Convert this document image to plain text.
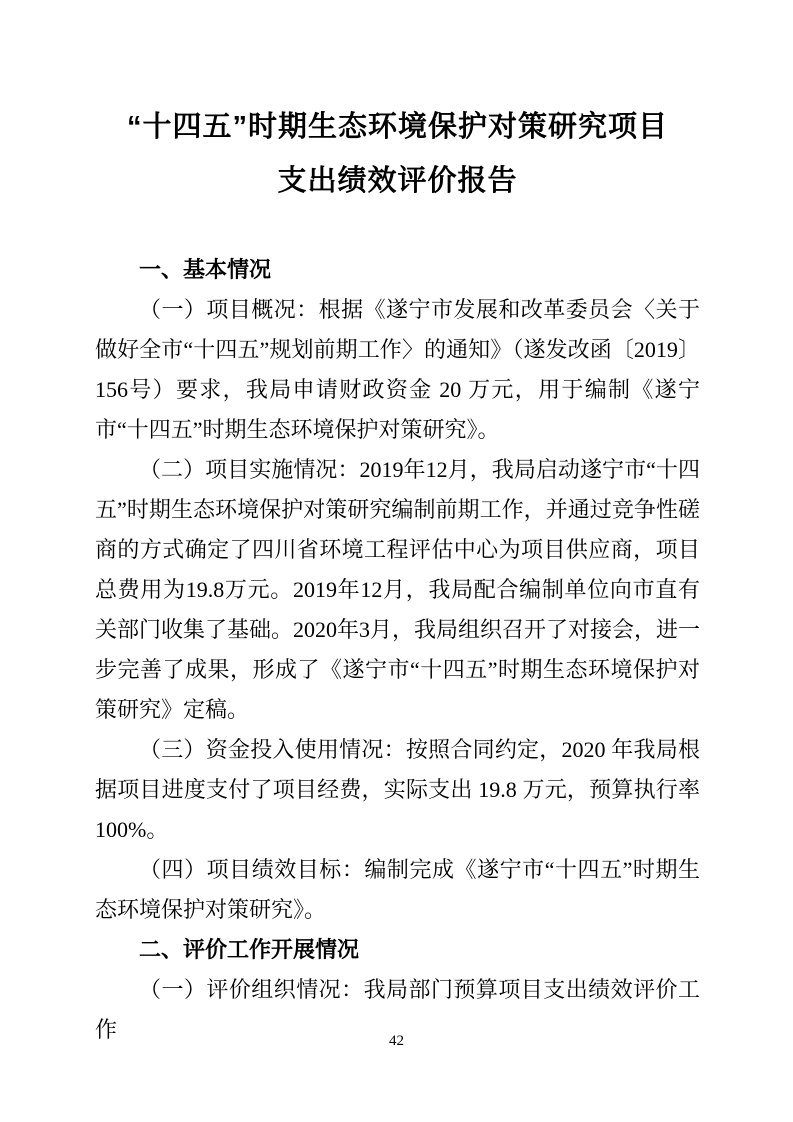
“十四五”时期生态环境保护对策研究项目
支出绩效评价报告

一、基本情况

（一）项目概况：根据《遂宁市发展和改革委员会〈关于做好全市“十四五”规划前期工作〉的通知》（遂发改函〔2019〕156号）要求，我局申请财政资金 20 万元，用于编制《遂宁市“十四五”时期生态环境保护对策研究》。

（二）项目实施情况：2019年12月，我局启动遂宁市“十四五”时期生态环境保护对策研究编制前期工作，并通过竞争性磋商的方式确定了四川省环境工程评估中心为项目供应商，项目总费用为19.8万元。2019年12月，我局配合编制单位向市直有关部门收集了基础。2020年3月，我局组织召开了对接会，进一步完善了成果，形成了《遂宁市“十四五”时期生态环境保护对策研究》定稿。

（三）资金投入使用情况：按照合同约定，2020 年我局根据项目进度支付了项目经费，实际支出 19.8 万元，预算执行率100%。

（四）项目绩效目标：编制完成《遂宁市“十四五”时期生态环境保护对策研究》。

二、评价工作开展情况

（一）评价组织情况：我局部门预算项目支出绩效评价工作	42
